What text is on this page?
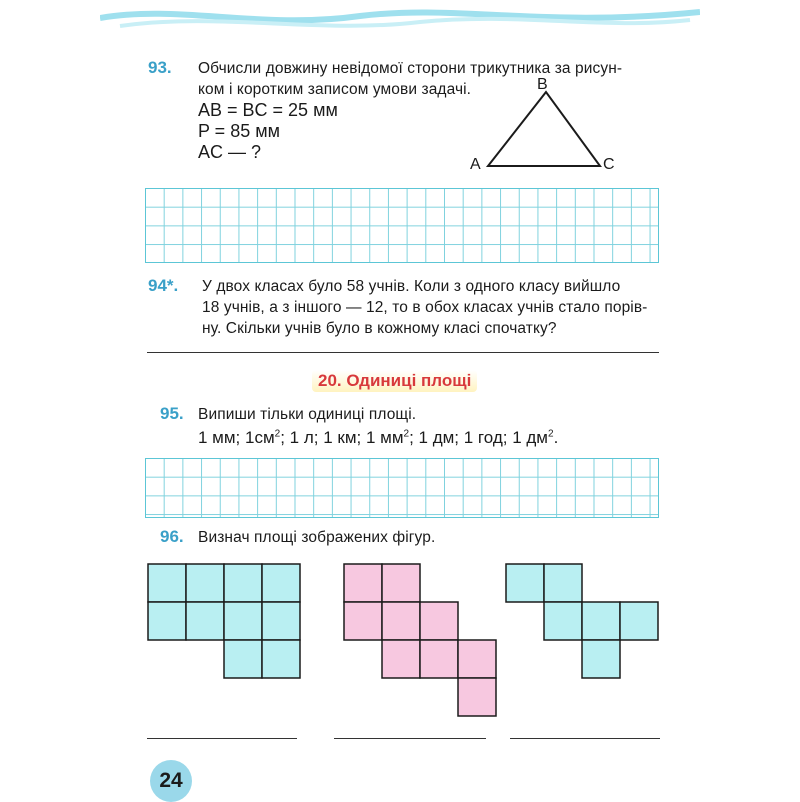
93. Обчисли довжину невідомої сторони трикутника за рисун-
ком і коротким записом умови задачі.
AB = BC = 25 мм
P = 85 мм
AC — ?
B
A	C
94*. У двох класах було 58 учнів. Коли з одного класу вийшло
18 учнів, а з іншого — 12, то в обох класах учнів стало порів-
ну. Скільки учнів було в кожному класі спочатку?
20. Одиниці площі
95. Випиши тільки одиниці площі.
1 мм; $1см^2$; 1 л; 1 км; 1 $мм^2$; 1 дм; 1 год; 1 $дм^2$.
96. Визнач площі зображених фігур.
24
